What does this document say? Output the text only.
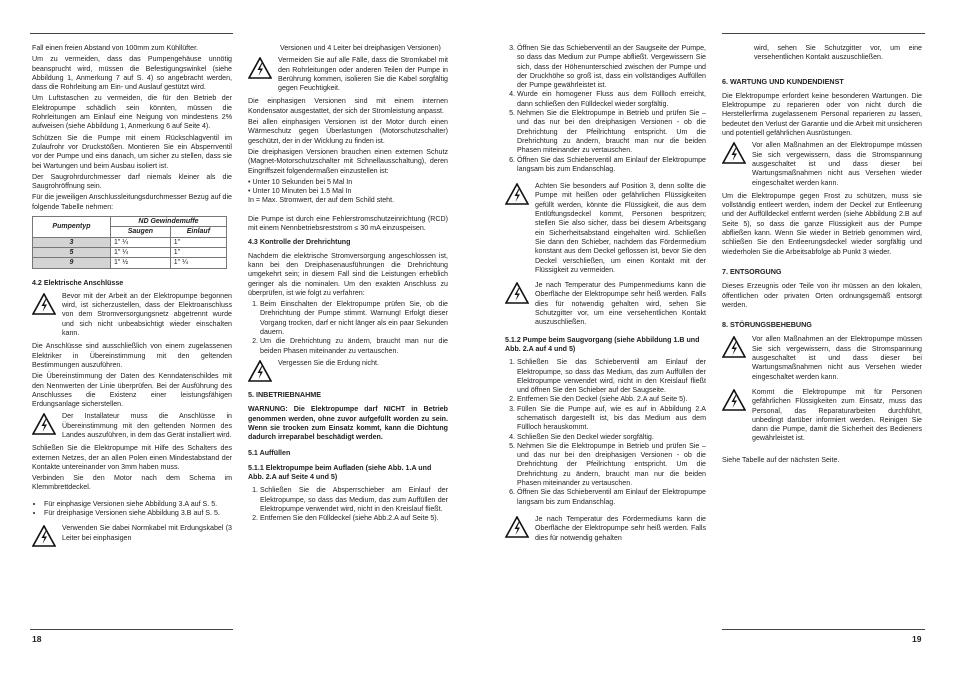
Fall einen freien Abstand von 100mm zum Kühllüfter.

Um zu vermeiden, dass das Pumpengehäuse unnötig beansprucht wird, müssen die Befestigungswinkel (siehe Abbildung 1, Anmerkung 7 auf S. 4) so angebracht werden, dass die Rohrleitung am Ein- und Auslauf gestützt wird.

Um Luftstaschen zu vermeiden, die für den Betrieb der Elektropumpe schädlich sein könnten, müssen die Rohrleitungen am Einlauf eine Neigung von mindestens 2% aufweisen (siehe Abbildung 1, Anmerkung 6 auf Seite 4).

Schützen Sie die Pumpe mit einem Rückschlagventil im Zulaufrohr vor Druckstößen. Montieren Sie ein Absperrventil vor der Pumpe und eins danach, um sicher zu stellen, dass sie bei Wartungen und beim Ausbau isoliert ist.

Der Saugrohrdurchmesser darf niemals kleiner als die Saugrohröffnung sein.

Für die jeweiligen Anschlussleitungsdurchmesser Bezug auf die folgende Tabelle nehmen:

Pumpentyp	ND Gewindemuffe	
	Saugen	Einlauf
3	1" ¼	1"
5	1" ¼	1"
9	1" ½	1" ¼
4.2 Elektrische Anschlüsse
Bevor mit der Arbeit an der Elektropumpe begonnen wird, ist sicherzustellen, dass der Elektroanschluss von dem Stromversorgungsnetz abgetrennt wurde und sich nicht unbeabsichtigt wieder einschalten kann.

Die Anschlüsse sind ausschließlich von einem zugelassenen Elektriker in Übereinstimmung mit den geltenden Bestimmungen auszuführen.

Die Übereinstimmung der Daten des Kenndatenschildes mit den Nennwerten der Linie überprüfen. Bei der Ausführung des Anschlusses die Existenz einer leistungsfähigen Erdungsanlage sicherstellen.

Der Installateur muss die Anschlüsse in Übereinstimmung mit den geltenden Normen des Landes auszuführen, in dem das Gerät installiert wird.

Schließen Sie die Elektropumpe mit Hilfe des Schalters des externen Netzes, der an allen Polen einen Mindestabstand der Kontakte untereinander von 3mm haben muss.

Verbinden Sie den Motor nach dem Schema im Klemmbrettdeckel.

• Für einphasige Versionen siehe Abbildung 3.A auf S. 5.
• Für dreiphasige Versionen siehe Abbildung 3.B auf S. 5.
Verwenden Sie dabei Normkabel mit Erdungskabel (3 Leiter bei einphasigen

Versionen und 4 Leiter bei dreiphasigen Versionen)

Vermeiden Sie auf alle Fälle, dass die Stromkabel mit den Rohrleitungen oder anderen Teilen der Pumpe in Berührung kommen, isolieren Sie die Kabel sorgfältig gegen Feuchtigkeit.

Die einphasigen Versionen sind mit einem internen Kondensator ausgestattet, der sich der Stromleistung anpasst.

Bei allen einphasigen Versionen ist der Motor durch einen Wärmeschutz gegen Überlastungen (Motorschutzschalter) geschützt, der in der Wicklung zu finden ist.

Die dreiphasigen Versionen brauchen einen externen Schutz (Magnet-Motorschutzschalter mit Schnellausschaltung), deren Eingriffszeit folgendermaßen einzustellen ist:

• Unter 10 Sekunden bei 5 Mal In
• Unter 10 Minuten bei 1.5 Mal In
In = Max. Stromwert, der auf dem Schild steht.

Die Pumpe ist durch eine Fehlerstromschutzeinrichtung (RCD) mit einem Nennbetriebsreststrom ≤ 30 mA einzuspeisen.

4.3 Kontrolle der Drehrichtung

Nachdem die elektrische Stromversorgung angeschlossen ist, kann bei den Dreiphasenausführungen die Drehrichtung umgekehrt sein; in diesem Fall sind die Leistungen erheblich geringer als die nominalen. Um den exakten Anschluss zu überprüfen, ist wie folgt zu verfahren:

1. Beim Einschalten der Elektropumpe prüfen Sie, ob die Drehrichtung der Pumpe stimmt. Warnung! Erfolgt dieser Vorgang trocken, darf er nicht länger als ein paar Sekunden dauern.
2. Um die Drehrichtung zu ändern, braucht man nur die beiden Phasen miteinander zu vertauschen.
Vergessen Sie die Erdung nicht.
5. INBETRIEBNAHME

WARNUNG: Die Elektropumpe darf NICHT in Betrieb genommen werden, ohne zuvor aufgefüllt worden zu sein. Wenn sie trocken zum Einsatz kommt, kann die Dichtung dadurch irreparabel beschädigt werden.

5.1 Auffüllen
5.1.1 Elektropumpe beim Aufladen (siehe Abb. 1.A und Abb. 2.A auf Seite 4 und 5)
1. Schließen Sie die Absperrschieber am Einlauf der Elektropumpe, so dass das Medium, das zum Auffüllen der Elektropumpe verwendet wird, nicht in den Kreislauf fließt.
2. Entfernen Sie den Fülldeckel (siehe Abb.2.A auf Seite 5).
18
3. Öffnen Sie das Schieberventil an der Saugseite der Pumpe, so dass das Medium zur Pumpe abfließt. Vergewissern Sie sich, dass der Höhenunterschied zwischen der Pumpe und der Druckhöhe so groß ist, dass ein vollständiges Auffüllen der Pumpe gewährleistet ist.
4. Wurde ein homogener Fluss aus dem Füllloch erreicht, dann schließen den Fülldeckel wieder sorgfältig.
5. Nehmen Sie die Elektropumpe in Betrieb und prüfen Sie – und das nur bei den dreiphasigen Versionen - ob die Drehrichtung der Pfeilrichtung entspricht. Um die Drehrichtung zu ändern, braucht man nur die beiden Phasen miteinander zu vertauschen.
6. Öffnen Sie das Schieberventil am Einlauf der Elektropumpe langsam bis zum Endanschlag.
Achten Sie besonders auf Position 3, denn sollte die Pumpe mit heißen oder gefährlichen Flüssigkeiten gefüllt werden, könnte die Flüssigkeit, die aus dem Entlüftungsdeckel kommt, Personen bespritzen; stellen Sie also sicher, dass bei diesem Arbeitsgang ein Sicherheitsabstand eingehalten wird. Schließen Sie dann den Schieber, nachdem das Fördermedium konstant aus dem Deckel geflossen ist, bevor Sie den Deckel verschließen, um einen Kontakt mit der Flüssigkeit zu vermeiden.
Je nach Temperatur des Pumpenmediums kann die Oberfläche der Elektropumpe sehr heiß werden. Falls dies für notwendig gehalten wird, sehen Sie Schutzgitter vor, um eine versehentlichen Kontakt auszuschließen.
5.1.2 Pumpe beim Saugvorgang (siehe Abbildung 1.B und Abb. 2.A auf 4 und 5)
1. Schließen Sie das Schieberventil am Einlauf der Elektropumpe, so dass das Medium, das zum Auffüllen der Elektropumpe verwendet wird, nicht in den Kreislauf fließt und öffnen Sie den Schieber auf der Saugseite.
2. Entfernen Sie den Deckel (siehe Abb. 2.A auf Seite 5).
3. Füllen Sie die Pumpe auf, wie es auf in Abbildung 2.A schematisch dargestellt ist, bis das Medium aus dem Füllloch herauskommt.
4. Schließen Sie den Deckel wieder sorgfältig.
5. Nehmen Sie die Elektropumpe in Betrieb und prüfen Sie – und das nur bei den dreiphasigen Versionen - ob die Drehrichtung der Pfeilrichtung entspricht. Um die Drehrichtung zu ändern, braucht man nur die beiden Phasen miteinander zu vertauschen.
6. Öffnen Sie das Schieberventil am Einlauf der Elektropumpe langsam bis zum Endanschlag.
Je nach Temperatur des Fördermediums kann die Oberfläche der Elektropumpe sehr heiß werden. Falls dies für notwendig gehalten

wird, sehen Sie Schutzgitter vor, um eine versehentlichen Kontakt auszuschließen.

6. WARTUNG UND KUNDENDIENST

Die Elektropumpe erfordert keine besonderen Wartungen. Die Elektropumpe zu reparieren oder von nicht durch die Herstellerfirma zugelassenem Personal reparieren zu lassen, bedeutet den Verlust der Garantie und die Arbeit mit unsicheren und potentiell gefährlichen Ausrüstungen.

Vor allen Maßnahmen an der Elektropumpe müssen Sie sich vergewissern, dass die Stromspannung ausgeschaltet ist und dass dieser bei Wartungsmaßnahmen nicht aus Versehen wieder eingeschaltet werden kann.

Um die Elektropumpe gegen Frost zu schützen, muss sie vollständig entleert werden, indem der Deckel zur Entleerung und der Auffülldeckel entfernt werden (siehe Abbildung 2.B auf Seite 5), so dass die ganze Flüssigkeit aus der Pumpe abfließen kann. Wenn Sie wieder in Betrieb genommen wird, schließen Sie den Entleerungsdeckel wieder sorgfältig und wiederholen Sie die Arbeitsabfolge ab Punkt 3 wieder.

7. ENTSORGUNG

Dieses Erzeugnis oder Teile von ihr müssen an den lokalen, öffentlichen oder privaten Orten ordnungsgemäß entsorgt werden.

8. STÖRUNGSBEHEBUNG
Vor allen Maßnahmen an der Elektropumpe müssen Sie sich vergewissern, dass die Stromspannung ausgeschaltet ist und dass dieser bei Wartungsmaßnahmen nicht aus Versehen wieder eingeschaltet werden kann.
Kommt die Elektropumpe mit für Personen gefährlichen Flüssigkeiten zum Einsatz, muss das Personal, das Reparaturarbeiten durchführt, unbedingt darüber informiert werden. Reinigen Sie dann die Pumpe, damit die Sicherheit des Bedieners gewährleistet ist.

Siehe Tabelle auf der nächsten Seite.

19
